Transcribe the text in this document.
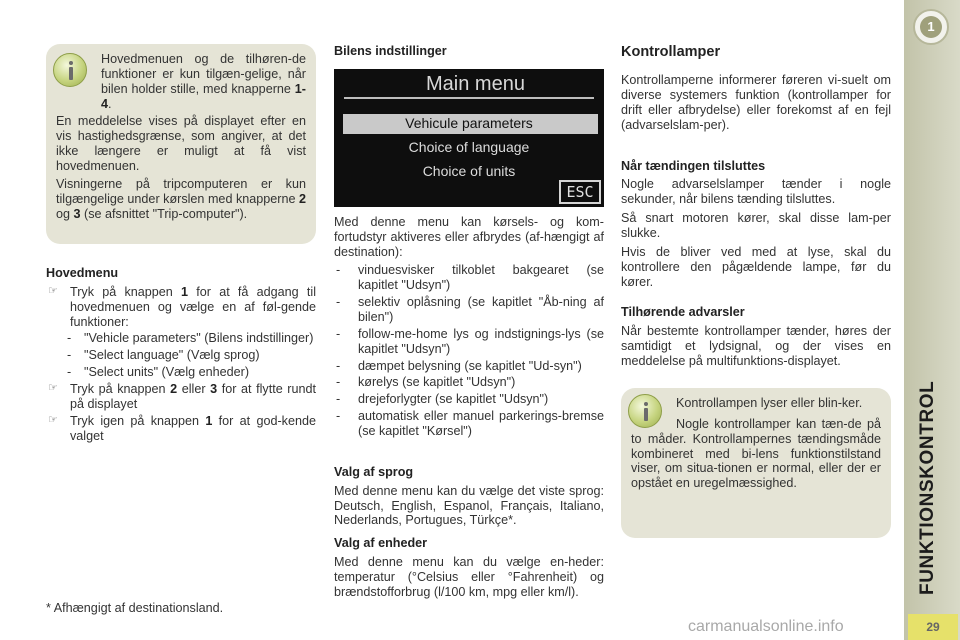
Hovedmenuen og de tilhøren-de funktioner er kun tilgæn-gelige, når bilen holder stille, med knapperne 1-4.

En meddelelse vises på displayet efter en vis hastighedsgrænse, som angiver, at det ikke længere er muligt at få vist hovedmenuen.

Visningerne på tripcomputeren er kun tilgængelige under kørslen med knapperne 2 og 3 (se afsnittet "Trip-computer").

Hovedmenu
☞ Tryk på knappen 1 for at få adgang til hovedmenuen og vælge en af føl-gende funktioner:
-	"Vehicle parameters" (Bilens indstillinger)
-	"Select language" (Vælg sprog)
-	"Select units" (Vælg enheder)
☞ Tryk på knappen 2 eller 3 for at flytte rundt på displayet
☞ Tryk igen på knappen 1 for at god-kende valget
* Afhængigt af destinationsland.
Bilens indstillinger
Main menu
Vehicule parameters
Choice of language
Choice of units
ESC

Med denne menu kan kørsels- og kom-fortudstyr aktiveres eller afbrydes (af-hængigt af destination):

-	vinduesvisker tilkoblet bakgearet (se kapitlet "Udsyn")
-	selektiv oplåsning (se kapitlet "Åb-ning af bilen")
-	follow-me-home lys og indstignings-lys (se kapitlet "Udsyn")
-	dæmpet belysning (se kapitlet "Ud-syn")
-	kørelys (se kapitlet "Udsyn")
-	drejeforlygter (se kapitlet "Udsyn")
-	automatisk eller manuel parkerings-bremse (se kapitlet "Kørsel")
Valg af sprog

Med denne menu kan du vælge det viste sprog: Deutsch, English, Espanol, Français, Italiano, Nederlands, Portugues, Türkçe*.

Valg af enheder

Med denne menu kan du vælge en-heder: temperatur (°Celsius eller °Fahrenheit) og brændstofforbrug (l/100 km, mpg eller km/l).

Kontrollamper

Kontrollamperne informerer føreren vi-suelt om diverse systemers funktion (kontrollamper for drift eller afbrydelse) eller forekomst af en fejl (advarselslam-per).

Når tændingen tilsluttes

Nogle advarselslamper tænder i nogle sekunder, når bilens tænding tilsluttes.

Så snart motoren kører, skal disse lam-per slukke.

Hvis de bliver ved med at lyse, skal du kontrollere den pågældende lampe, før du kører.

Tilhørende advarsler

Når bestemte kontrollamper tænder, høres der samtidigt et lydsignal, og der vises en meddelelse på multifunktions-displayet.

Kontrollampen lyser eller blin-ker.

Nogle kontrollamper kan tæn-de på to måder. Kontrollampernes tændingsmåde kombineret med bi-lens funktionstilstand viser, om situa-tionen er normal, eller der er opstået en uregelmæssighed.

1
FUNKTIONSKONTROL
29
carmanualsonline.info
